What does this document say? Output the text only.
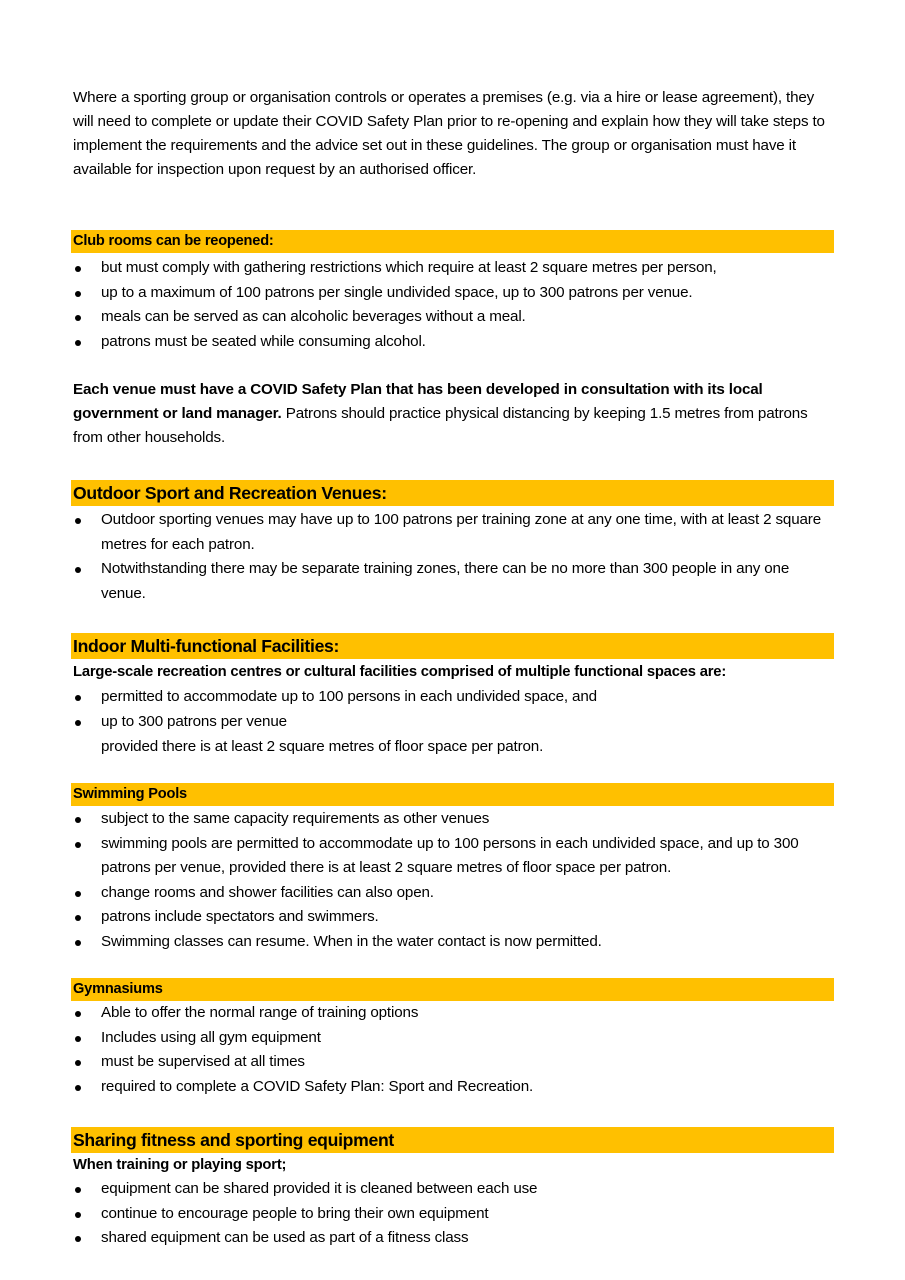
Where a sporting group or organisation controls or operates a premises (e.g. via a hire or lease agreement), they will need to complete or update their COVID Safety Plan prior to re-opening and explain how they will take steps to implement the requirements and the advice set out in these guidelines. The group or organisation must have it available for inspection upon request by an authorised officer.

Club rooms can be reopened:
but must comply with gathering restrictions which require at least 2 square metres per person,
up to a maximum of 100 patrons per single undivided space, up to 300 patrons per venue.
meals can be served as can alcoholic beverages without a meal.
patrons must be seated while consuming alcohol.

Each venue must have a COVID Safety Plan that has been developed in consultation with its local government or land manager. Patrons should practice physical distancing by keeping 1.5 metres from patrons from other households.

Outdoor Sport and Recreation Venues:
Outdoor sporting venues may have up to 100 patrons per training zone at any one time, with at least 2 square metres for each patron.
Notwithstanding there may be separate training zones, there can be no more than 300 people in any one venue.
Indoor Multi-functional Facilities:
Large-scale recreation centres or cultural facilities comprised of multiple functional spaces are:
permitted to accommodate up to 100 persons in each undivided space, and
up to 300 patrons per venue
provided there is at least 2 square metres of floor space per patron.
Swimming Pools
subject to the same capacity requirements as other venues
swimming pools are permitted to accommodate up to 100 persons in each undivided space, and up to 300 patrons per venue, provided there is at least 2 square metres of floor space per patron.
change rooms and shower facilities can also open.
patrons include spectators and swimmers.
Swimming classes can resume. When in the water contact is now permitted.
Gymnasiums
Able to offer the normal range of training options
Includes using all gym equipment
must be supervised at all times
required to complete a COVID Safety Plan: Sport and Recreation.
Sharing fitness and sporting equipment
When training or playing sport;
equipment can be shared provided it is cleaned between each use
continue to encourage people to bring their own equipment
shared equipment can be used as part of a fitness class
